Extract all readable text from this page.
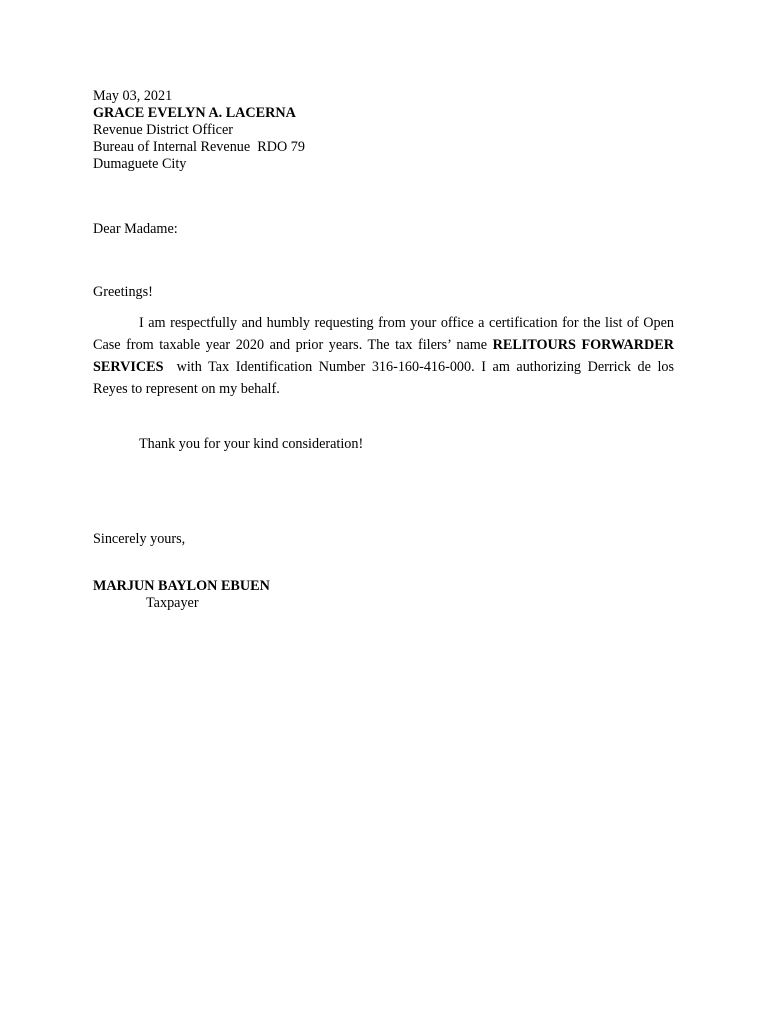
May 03, 2021
GRACE EVELYN A. LACERNA
Revenue District Officer
Bureau of Internal Revenue  RDO 79
Dumaguete City
Dear Madame:
Greetings!
I am respectfully and humbly requesting from your office a certification for the list of Open Case from taxable year 2020 and prior years. The tax filers’ name RELITOURS FORWARDER SERVICES  with Tax Identification Number 316-160-416-000. I am authorizing Derrick de los Reyes to represent on my behalf.
Thank you for your kind consideration!
Sincerely yours,
MARJUN BAYLON EBUEN
Taxpayer
